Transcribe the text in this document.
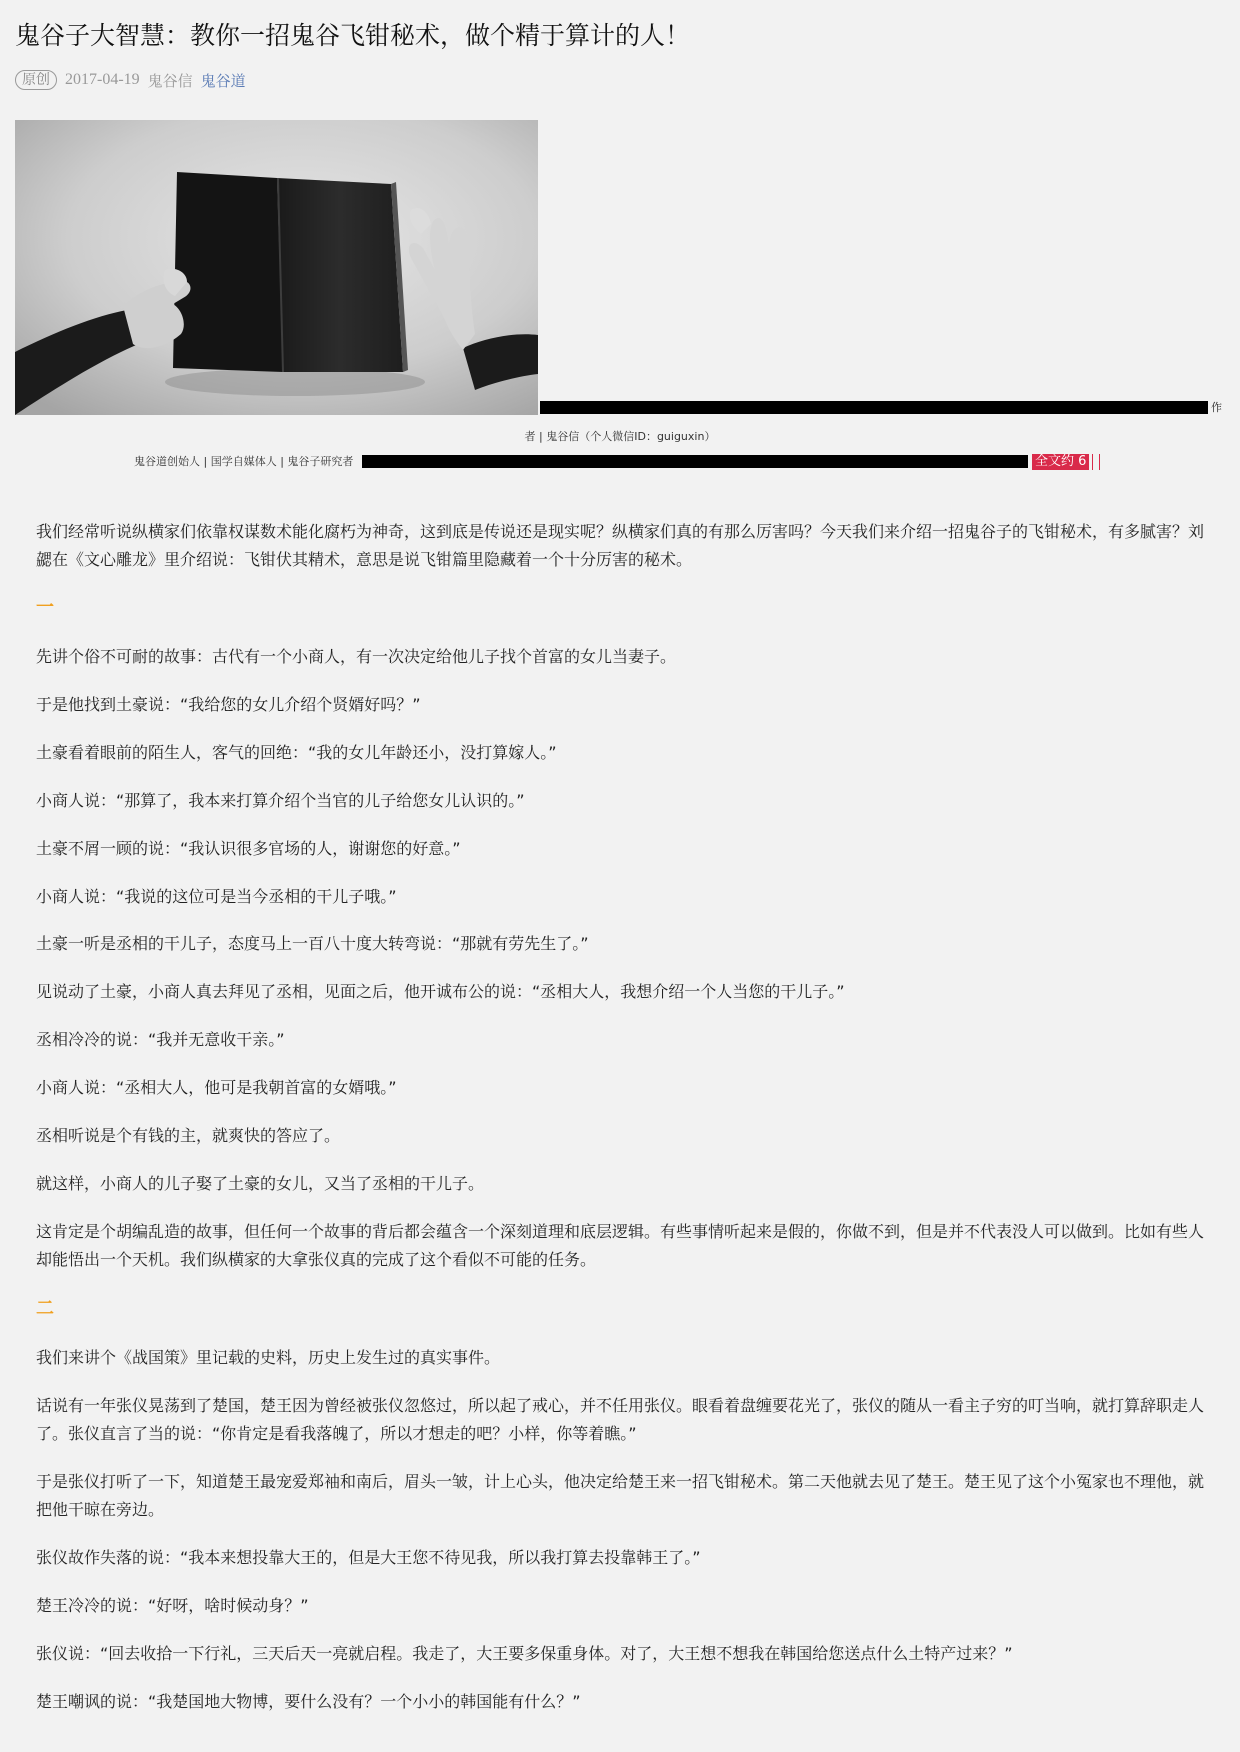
鬼谷子大智慧：教你一招鬼谷飞钳秘术，做个精于算计的人！
原创 2017-04-19 鬼谷信 鬼谷道
作
者 | 鬼谷信（个人微信ID：guiguxin）
鬼谷道创始人 | 国学自媒体人 | 鬼谷子研究者	全文约 6

我们经常听说纵横家们依靠权谋数术能化腐朽为神奇，这到底是传说还是现实呢？纵横家们真的有那么厉害吗？今天我们来介绍一招鬼谷子的飞钳秘术，有多腻害？刘勰在《文心雕龙》里介绍说：飞钳伏其精术，意思是说飞钳篇里隐藏着一个十分厉害的秘术。

一

先讲个俗不可耐的故事：古代有一个小商人，有一次决定给他儿子找个首富的女儿当妻子。

于是他找到土豪说：“我给您的女儿介绍个贤婿好吗？”

土豪看着眼前的陌生人，客气的回绝：“我的女儿年龄还小，没打算嫁人。”

小商人说：“那算了，我本来打算介绍个当官的儿子给您女儿认识的。”

土豪不屑一顾的说：“我认识很多官场的人，谢谢您的好意。”

小商人说：“我说的这位可是当今丞相的干儿子哦。”

土豪一听是丞相的干儿子，态度马上一百八十度大转弯说：“那就有劳先生了。”

见说动了土豪，小商人真去拜见了丞相，见面之后，他开诚布公的说：“丞相大人，我想介绍一个人当您的干儿子。”

丞相冷冷的说：“我并无意收干亲。”

小商人说：“丞相大人，他可是我朝首富的女婿哦。”

丞相听说是个有钱的主，就爽快的答应了。

就这样，小商人的儿子娶了土豪的女儿，又当了丞相的干儿子。

这肯定是个胡编乱造的故事，但任何一个故事的背后都会蕴含一个深刻道理和底层逻辑。有些事情听起来是假的，你做不到，但是并不代表没人可以做到。比如有些人却能悟出一个天机。我们纵横家的大拿张仪真的完成了这个看似不可能的任务。

二

我们来讲个《战国策》里记载的史料，历史上发生过的真实事件。

话说有一年张仪晃荡到了楚国，楚王因为曾经被张仪忽悠过，所以起了戒心，并不任用张仪。眼看着盘缠要花光了，张仪的随从一看主子穷的叮当响，就打算辞职走人了。张仪直言了当的说：“你肯定是看我落魄了，所以才想走的吧？小样，你等着瞧。”

于是张仪打听了一下，知道楚王最宠爱郑袖和南后，眉头一皱，计上心头，他决定给楚王来一招飞钳秘术。第二天他就去见了楚王。楚王见了这个小冤家也不理他，就把他干晾在旁边。

张仪故作失落的说：“我本来想投靠大王的，但是大王您不待见我，所以我打算去投靠韩王了。”

楚王冷冷的说：“好呀，啥时候动身？”

张仪说：“回去收拾一下行礼，三天后天一亮就启程。我走了，大王要多保重身体。对了，大王想不想我在韩国给您送点什么土特产过来？”

楚王嘲讽的说：“我楚国地大物博，要什么没有？一个小小的韩国能有什么？”
